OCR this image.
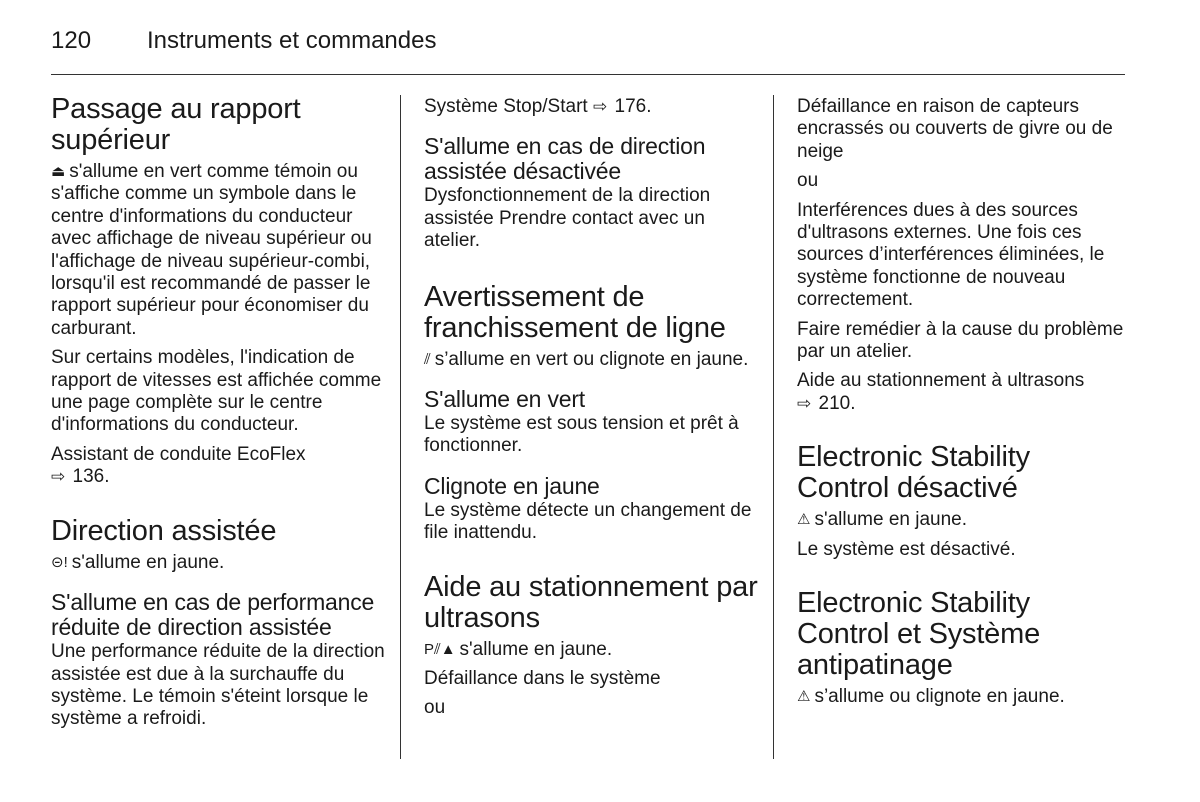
120 Instruments et commandes
Passage au rapport supérieur

⏏ s'allume en vert comme témoin ou s'affiche comme un symbole dans le centre d'informations du conducteur avec affichage de niveau supérieur ou l'affichage de niveau supérieur-combi, lorsqu'il est recommandé de passer le rapport supérieur pour économiser du carburant.

Sur certains modèles, l'indication de rapport de vitesses est affichée comme une page complète sur le centre d'informations du conducteur.

Assistant de conduite EcoFlex
⇨ 136.

Direction assistée

⊝! s'allume en jaune.

S'allume en cas de performance réduite de direction assistée

Une performance réduite de la direction assistée est due à la surchauffe du système. Le témoin s'éteint lorsque le système a refroidi.

Système Stop/Start ⇨ 176.

S'allume en cas de direction assistée désactivée

Dysfonctionnement de la direction assistée Prendre contact avec un atelier.

Avertissement de franchissement de ligne

⫽ s’allume en vert ou clignote en jaune.

S'allume en vert

Le système est sous tension et prêt à fonctionner.

Clignote en jaune

Le système détecte un changement de file inattendu.

Aide au stationnement par ultrasons

P⫽▲ s'allume en jaune.

Défaillance dans le système

ou

Défaillance en raison de capteurs encrassés ou couverts de givre ou de neige

ou

Interférences dues à des sources d'ultrasons externes. Une fois ces sources d’interférences éliminées, le système fonctionne de nouveau correctement.

Faire remédier à la cause du problème par un atelier.

Aide au stationnement à ultrasons
⇨ 210.

Electronic Stability Control désactivé

⚠ s'allume en jaune.

Le système est désactivé.

Electronic Stability Control et Système antipatinage

⚠ s’allume ou clignote en jaune.
